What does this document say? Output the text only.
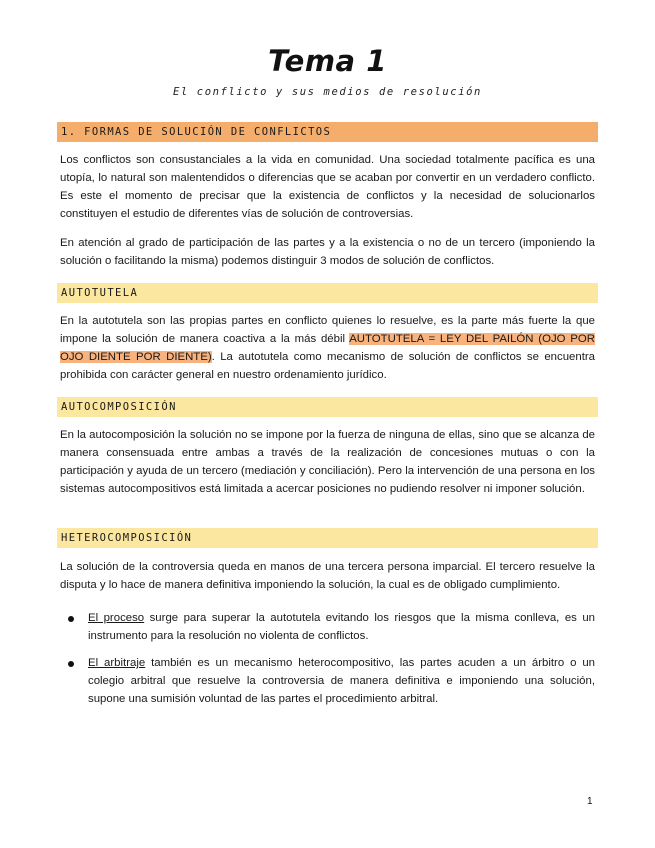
Tema 1
El conflicto y sus medios de resolución
1. FORMAS DE SOLUCIÓN DE CONFLICTOS

Los conflictos son consustanciales a la vida en comunidad. Una sociedad totalmente pacífica es una utopía, lo natural son malentendidos o diferencias que se acaban por convertir en un verdadero conflicto. Es este el momento de precisar que la existencia de conflictos y la necesidad de solucionarlos constituyen el estudio de diferentes vías de solución de controversias.

En atención al grado de participación de las partes y a la existencia o no de un tercero (imponiendo la solución o facilitando la misma) podemos distinguir 3 modos de solución de conflictos.

AUTOTUTELA

En la autotutela son las propias partes en conflicto quienes lo resuelve, es la parte más fuerte la que impone la solución de manera coactiva a la más débil AUTOTUTELA = LEY DEL PAILÓN (OJO POR OJO DIENTE POR DIENTE). La autotutela como mecanismo de solución de conflictos se encuentra prohibida con carácter general en nuestro ordenamiento jurídico.

AUTOCOMPOSICIÓN

En la autocomposición la solución no se impone por la fuerza de ninguna de ellas, sino que se alcanza de manera consensuada entre ambas a través de la realización de concesiones mutuas o con la participación y ayuda de un tercero (mediación y conciliación). Pero la intervención de una persona en los sistemas autocompositivos está limitada a acercar posiciones no pudiendo resolver ni imponer solución.

HETEROCOMPOSICIÓN

La solución de la controversia queda en manos de una tercera persona imparcial. El tercero resuelve la disputa y lo hace de manera definitiva imponiendo la solución, la cual es de obligado cumplimiento.

El proceso surge para superar la autotutela evitando los riesgos que la misma conlleva, es un instrumento para la resolución no violenta de conflictos.

El arbitraje también es un mecanismo heterocompositivo, las partes acuden a un árbitro o un colegio arbitral que resuelve la controversia de manera definitiva e imponiendo una solución, supone una sumisión voluntad de las partes el procedimiento arbitral.

1
